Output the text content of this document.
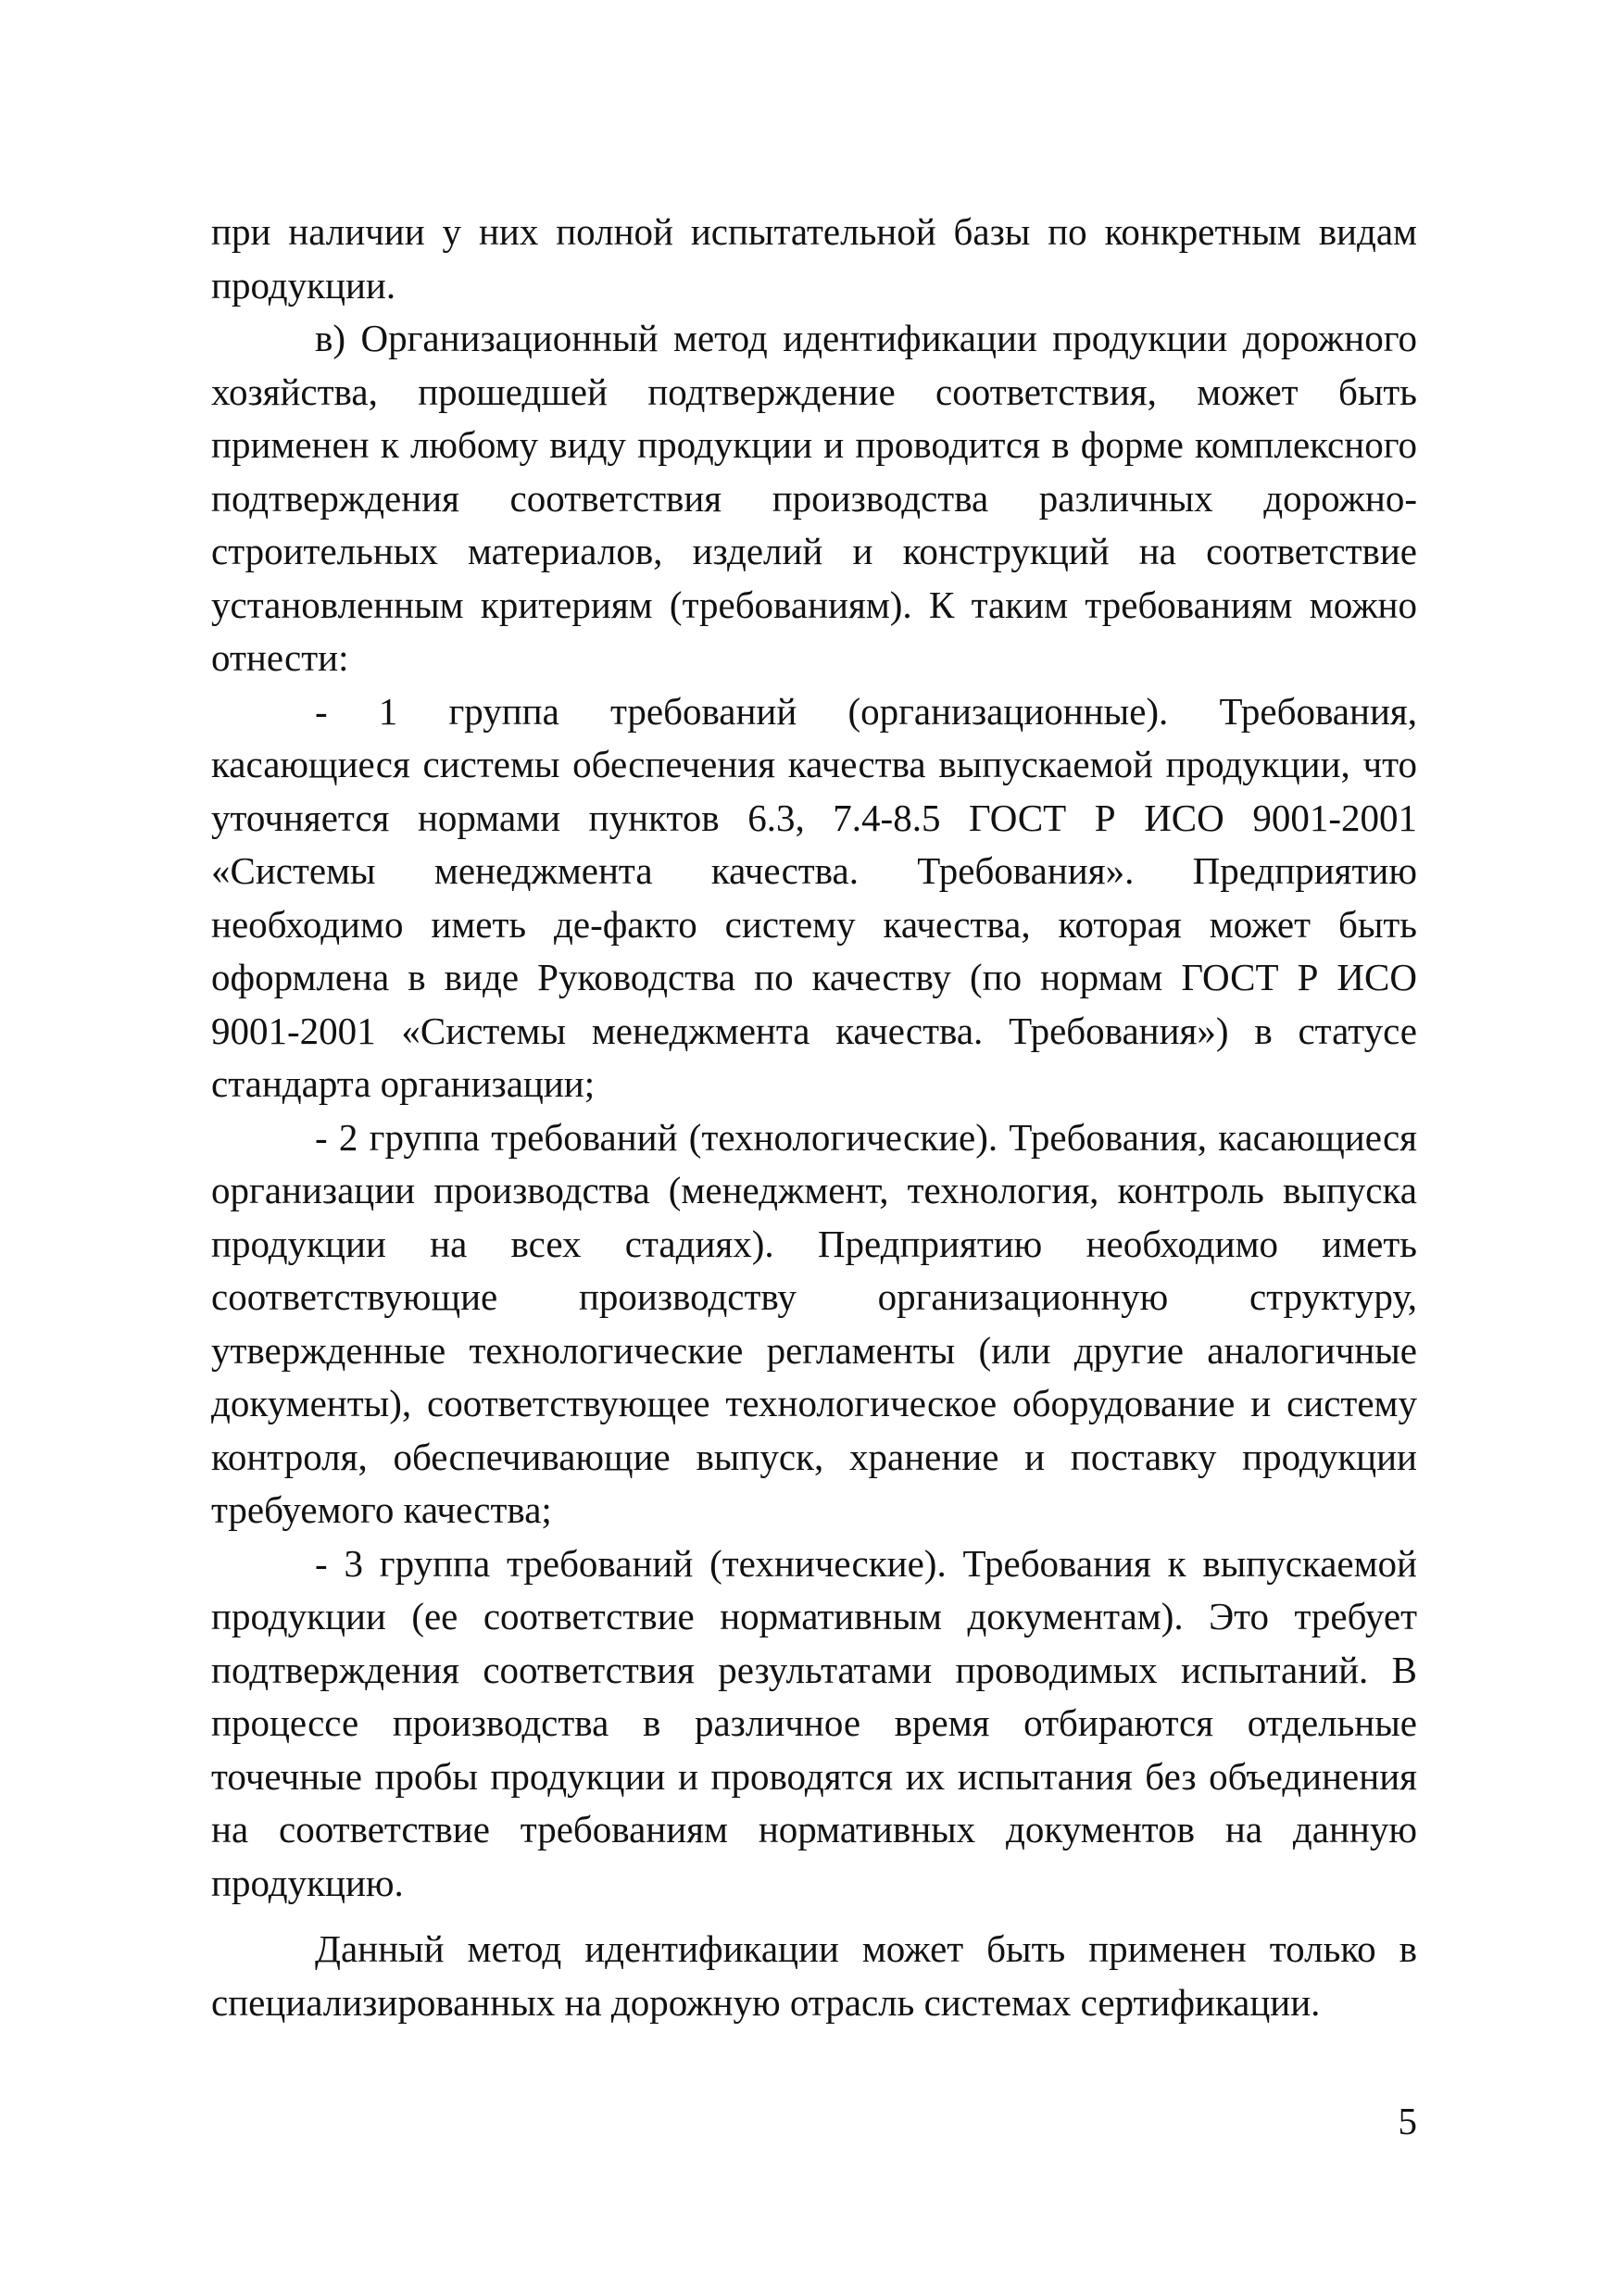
при наличии у них полной испытательной базы по конкретным видам продукции.

в) Организационный метод идентификации продукции дорожного хозяйства, прошедшей подтверждение соответствия, может быть применен к любому виду продукции и проводится в форме комплексного подтверждения соответствия производства различных дорожно-строительных материалов, изделий и конструкций на соответствие установленным критериям (требованиям). К таким требованиям можно отнести:

- 1 группа требований (организационные). Требования, касающиеся системы обеспечения качества выпускаемой продукции, что уточняется нормами пунктов 6.3, 7.4-8.5 ГОСТ Р ИСО 9001-2001 «Системы менеджмента качества. Требования». Предприятию необходимо иметь де-факто систему качества, которая может быть оформлена в виде Руководства по качеству (по нормам ГОСТ Р ИСО 9001-2001 «Системы менеджмента качества. Требования») в статусе стандарта организации;

- 2 группа требований (технологические). Требования, касающиеся организации производства (менеджмент, технология, контроль выпуска продукции на всех стадиях). Предприятию необходимо иметь соответствующие производству организационную структуру, утвержденные технологические регламенты (или другие аналогичные документы), соответствующее технологическое оборудование и систему контроля, обеспечивающие выпуск, хранение и поставку продукции требуемого качества;

- 3 группа требований (технические). Требования к выпускаемой продукции (ее соответствие нормативным документам). Это требует подтверждения соответствия результатами проводимых испытаний. В процессе производства в различное время отбираются отдельные точечные пробы продукции и проводятся их испытания без объединения на соответствие требованиям нормативных документов на данную продукцию.

Данный метод идентификации может быть применен только в специализированных на дорожную отрасль системах сертификации.

5
